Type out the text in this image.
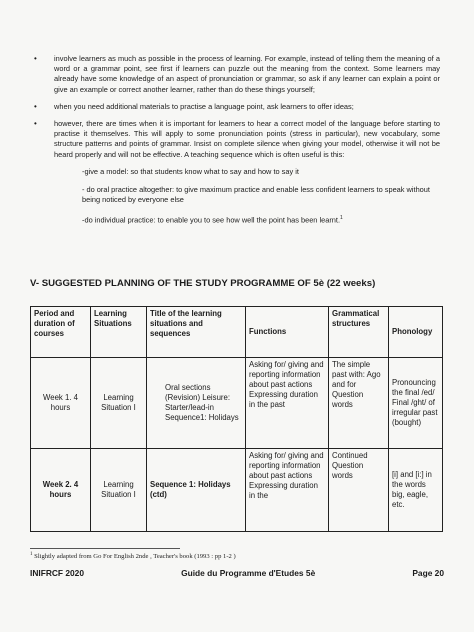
• involve learners as much as possible in the process of learning. For example, instead of telling them the meaning of a word or a grammar point, see first if learners can puzzle out the meaning from the context. Some learners may already have some knowledge of an aspect of pronunciation or grammar, so ask if any learner can explain a point or give an example or correct another learner, rather than do these things yourself;
• when you need additional materials to practise a language point, ask learners to offer ideas;
• however, there are times when it is important for learners to hear a correct model of the language before starting to practise it themselves. This will apply to some pronunciation points (stress in particular), new vocabulary, some structure patterns and points of grammar. Insist on complete silence when giving your model, otherwise it will not be heard properly and will not be effective. A teaching sequence which is often useful is this:
-give a model: so that students know what to say and how to say it
- do oral practice altogether: to give maximum practice and enable less confident learners to speak without being noticed by everyone else
-do individual practice: to enable you to see how well the point has been learnt.$^1$
V- SUGGESTED PLANNING OF THE STUDY PROGRAMME OF 5è (22 weeks)
Period and duration of courses	Learning Situations	Title of the learning situations and sequences	Functions	Grammatical structures	Phonology
Week 1. 4 hours	Learning Situation I	Oral sections (Revision) Leisure: Starter/lead-in Sequence1: Holidays	Asking for/ giving and reporting information about past actions Expressing duration in the past	The simple past with: Ago and for Question words	Pronouncing the final /ed/ Final /ght/ of irregular past (bought)
Week 2. 4 hours	Learning Situation I	Sequence 1: Holidays (ctd)	Asking for/ giving and reporting information about past actions Expressing duration in the	Continued Question words	[i] and [i:] in the words big, eagle, etc.
$^1$ Slightly adapted from Go For English 2nde , Teacher's book (1993 : pp 1-2 )
INIFRCF 2020	Guide du Programme d'Etudes 5è	Page 20
